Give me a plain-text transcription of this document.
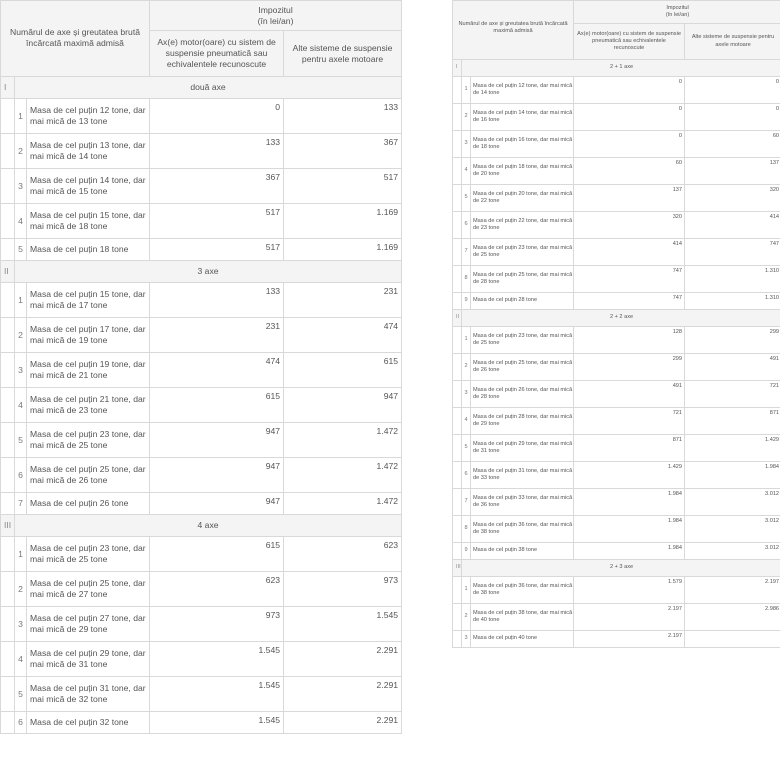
Numărul de axe și greutatea brută încărcată maximă admisă			Impozitul
(în lei/an)	
			Ax(e) motor(oare) cu sistem de suspensie pneumatică sau echivalentele recunoscute	Alte sisteme de suspensie pentru axele motoare
I	două axe			
	1	Masa de cel puțin 12 tone, dar mai mică de 13 tone	0	133
	2	Masa de cel puțin 13 tone, dar mai mică de 14 tone	133	367
	3	Masa de cel puțin 14 tone, dar mai mică de 15 tone	367	517
	4	Masa de cel puțin 15 tone, dar mai mică de 18 tone	517	1.169
	5	Masa de cel puțin 18 tone	517	1.169
II	3 axe			
	1	Masa de cel puțin 15 tone, dar mai mică de 17 tone	133	231
	2	Masa de cel puțin 17 tone, dar mai mică de 19 tone	231	474
	3	Masa de cel puțin 19 tone, dar mai mică de 21 tone	474	615
	4	Masa de cel puțin 21 tone, dar mai mică de 23 tone	615	947
	5	Masa de cel puțin 23 tone, dar mai mică de 25 tone	947	1.472
	6	Masa de cel puțin 25 tone, dar mai mică de 26 tone	947	1.472
	7	Masa de cel puțin 26 tone	947	1.472
III	4 axe			
	1	Masa de cel puțin 23 tone, dar mai mică de 25 tone	615	623
	2	Masa de cel puțin 25 tone, dar mai mică de 27 tone	623	973
	3	Masa de cel puțin 27 tone, dar mai mică de 29 tone	973	1.545
	4	Masa de cel puțin 29 tone, dar mai mică de 31 tone	1.545	2.291
	5	Masa de cel puțin 31 tone, dar mai mică de 32 tone	1.545	2.291
	6	Masa de cel puțin 32 tone	1.545	2.291
Numărul de axe și greutatea brută încărcată maximă admisă			Impozitul
(în lei/an)	
			Ax(e) motor(oare) cu sistem de suspensie pneumatică sau echivalentele recunoscute	Alte sisteme de suspensie pentru axele motoare
I	2 + 1 axe			
	1	Masa de cel puțin 12 tone, dar mai mică de 14 tone	0	0
	2	Masa de cel puțin 14 tone, dar mai mică de 16 tone	0	0
	3	Masa de cel puțin 16 tone, dar mai mică de 18 tone	0	60
	4	Masa de cel puțin 18 tone, dar mai mică de 20 tone	60	137
	5	Masa de cel puțin 20 tone, dar mai mică de 22 tone	137	320
	6	Masa de cel puțin 22 tone, dar mai mică de 23 tone	320	414
	7	Masa de cel puțin 23 tone, dar mai mică de 25 tone	414	747
	8	Masa de cel puțin 25 tone, dar mai mică de 28 tone	747	1.310
	9	Masa de cel puțin 28 tone	747	1.310
II	2 + 2 axe			
	1	Masa de cel puțin 23 tone, dar mai mică de 25 tone	128	299
	2	Masa de cel puțin 25 tone, dar mai mică de 26 tone	299	491
	3	Masa de cel puțin 26 tone, dar mai mică de 28 tone	491	721
	4	Masa de cel puțin 28 tone, dar mai mică de 29 tone	721	871
	5	Masa de cel puțin 29 tone, dar mai mică de 31 tone	871	1.429
	6	Masa de cel puțin 31 tone, dar mai mică de 33 tone	1.429	1.984
	7	Masa de cel puțin 33 tone, dar mai mică de 36 tone	1.984	3.012
	8	Masa de cel puțin 36 tone, dar mai mică de 38 tone	1.984	3.012
	9	Masa de cel puțin 38 tone	1.984	3.012
III	2 + 3 axe			
	1	Masa de cel puțin 36 tone, dar mai mică de 38 tone	1.579	2.197
	2	Masa de cel puțin 38 tone, dar mai mică de 40 tone	2.197	2.986
	3	Masa de cel puțin 40 tone	2.197	
